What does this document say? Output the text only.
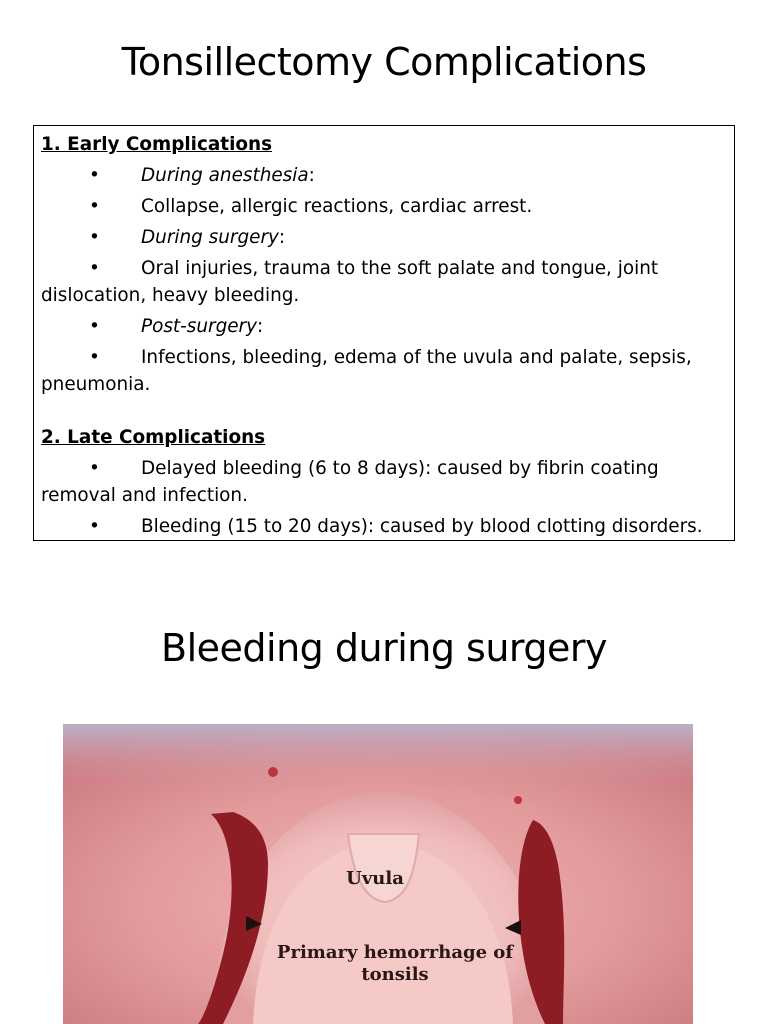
Tonsillectomy Complications
1. Early Complications
• During anesthesia:
• Collapse, allergic reactions, cardiac arrest.
• During surgery:
• Oral injuries, trauma to the soft palate and tongue, joint dislocation, heavy bleeding.
• Post-surgery:
• Infections, bleeding, edema of the uvula and palate, sepsis, pneumonia.
2. Late Complications
• Delayed bleeding (6 to 8 days): caused by fibrin coating removal and infection.
• Bleeding (15 to 20 days): caused by blood clotting disorders.
Bleeding during surgery
Uvula
Primary hemorrhage of tonsils
